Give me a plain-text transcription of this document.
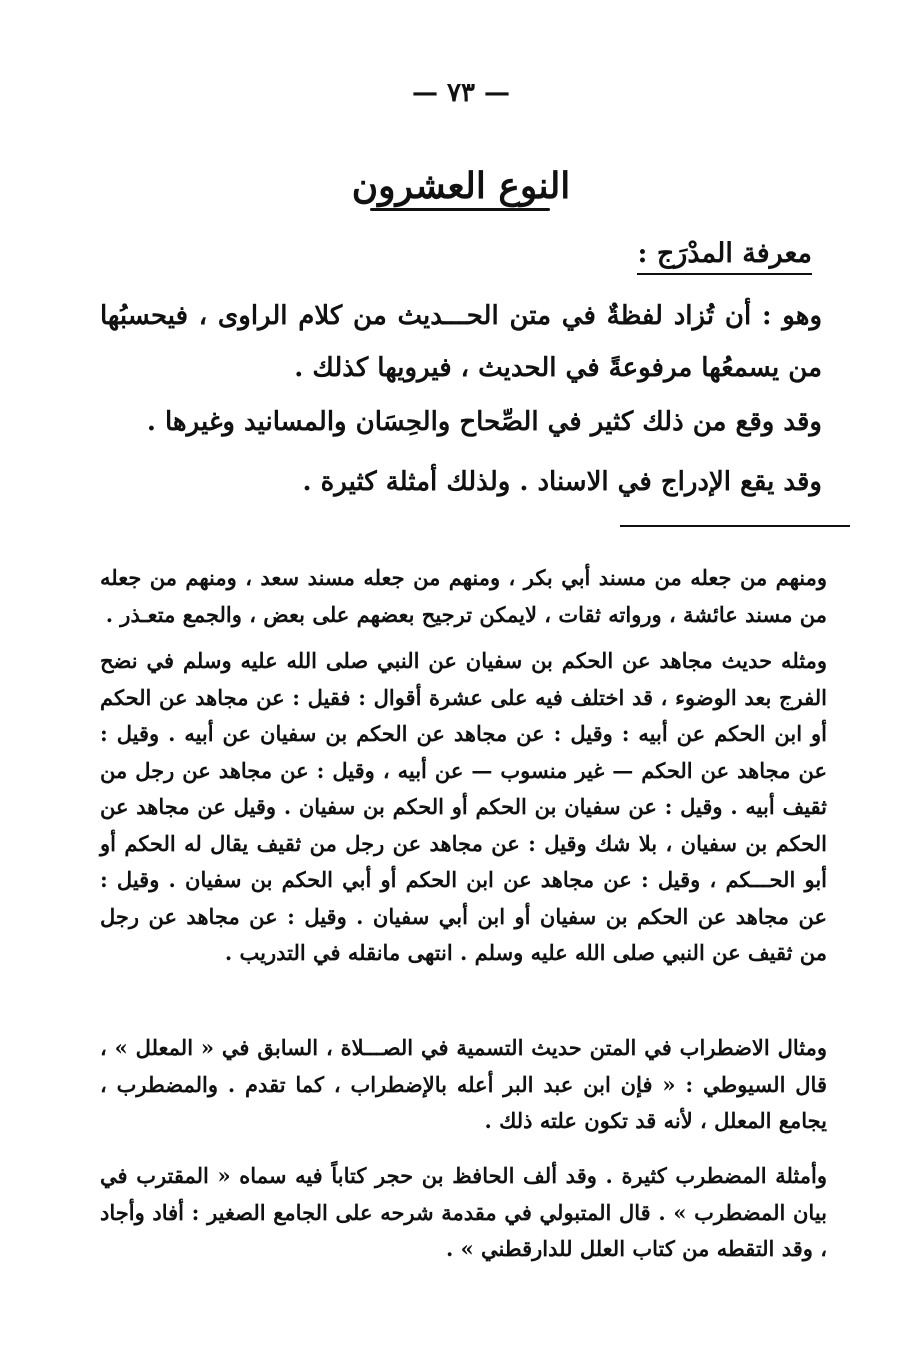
— ٧٣ —
النوع العشرون
معرفة المدْرَج :

وهو : أن تُزاد لفظةٌ في متن الحـــديث من كلام الراوى ، فيحسبُها من يسمعُها مرفوعةً في الحديث ، فيرويها كذلك .

وقد وقع من ذلك كثير في الصِّحاح والحِسَان والمسانيد وغيرها .

وقد يقع الإدراج في الاسناد . ولذلك أمثلة كثيرة .

ومنهم من جعله من مسند أبي بكر ، ومنهم من جعله مسند سعد ، ومنهم من جعله من مسند عائشة ، ورواته ثقات ، لايمكن ترجيح بعضهم على بعض ، والجمع متعـذر .

ومثله حديث مجاهد عن الحكم بن سفيان عن النبي صلى الله عليه وسلم في نضح الفرج بعد الوضوء ، قد اختلف فيه على عشرة أقوال : فقيل : عن مجاهد عن الحكم أو ابن الحكم عن أبيه : وقيل : عن مجاهد عن الحكم بن سفيان عن أبيه . وقيل : عن مجاهد عن الحكم — غير منسوب — عن أبيه ، وقيل : عن مجاهد عن رجل من ثقيف أبيه . وقيل : عن سفيان بن الحكم أو الحكم بن سفيان . وقيل عن مجاهد عن الحكم بن سفيان ، بلا شك وقيل : عن مجاهد عن رجل من ثقيف يقال له الحكم أو أبو الحـــكم ، وقيل : عن مجاهد عن ابن الحكم أو أبي الحكم بن سفيان . وقيل : عن مجاهد عن الحكم بن سفيان أو ابن أبي سفيان . وقيل : عن مجاهد عن رجل من ثقيف عن النبي صلى الله عليه وسلم . انتهى مانقله في التدريب .

ومثال الاضطراب في المتن حديث التسمية في الصـــلاة ، السابق في « المعلل » ، قال السيوطي : « فإن ابن عبد البر أعله بالإضطراب ، كما تقدم . والمضطرب ، يجامع المعلل ، لأنه قد تكون علته ذلك .

وأمثلة المضطرب كثيرة . وقد ألف الحافظ بن حجر كتاباً فيه سماه « المقترب في بيان المضطرب » . قال المتبولي في مقدمة شرحه على الجامع الصغير : أفاد وأجاد ، وقد التقطه من كتاب العلل للدارقطني » .
